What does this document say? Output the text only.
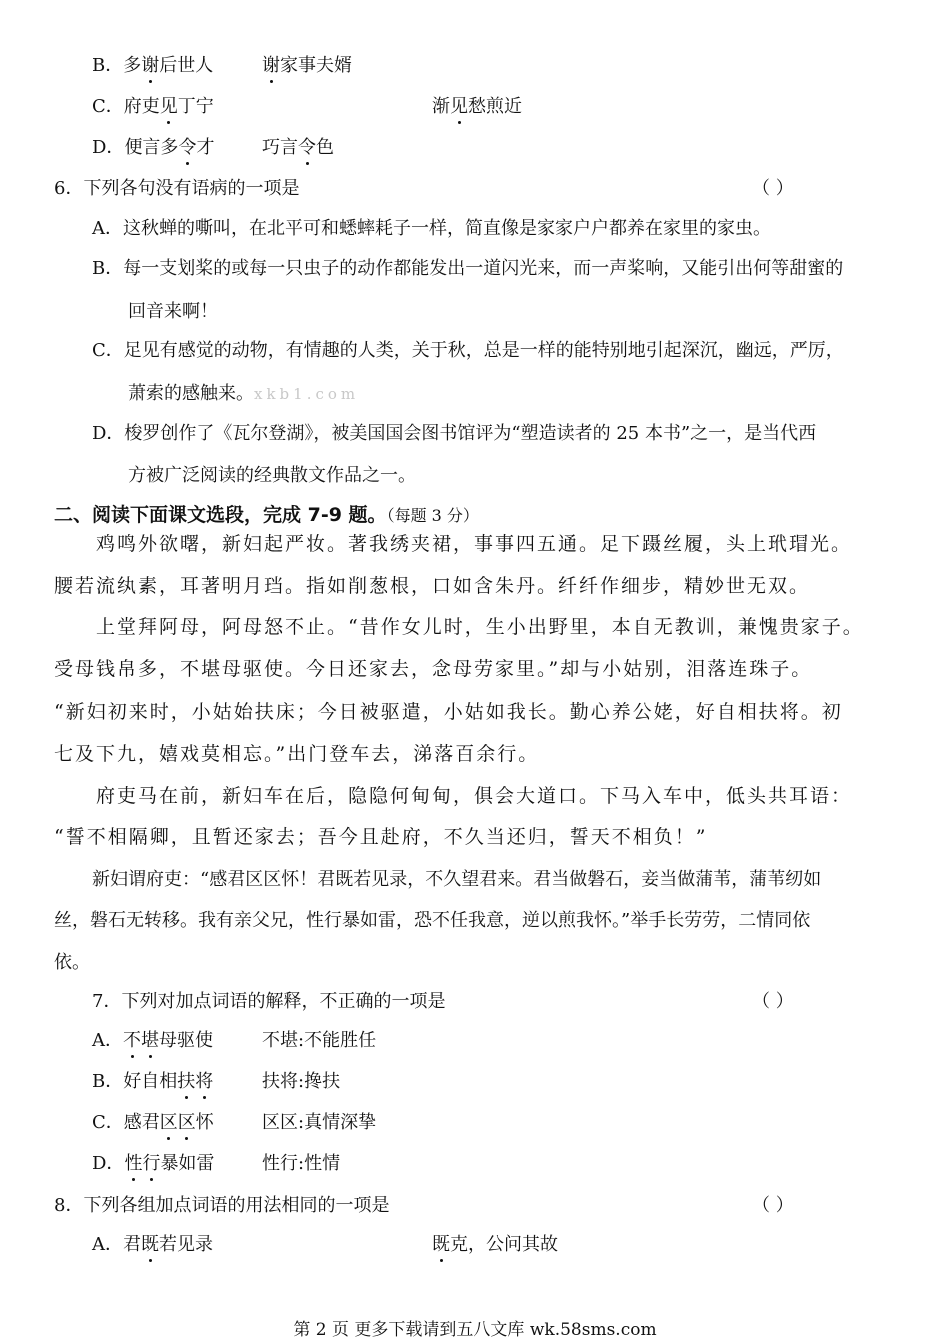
B．多谢后世人	谢家事夫婿
C．府吏见丁宁	渐见愁煎近
D．便言多令才	巧言令色
6．下列各句没有语病的一项是	（ ）
A．这秋蝉的嘶叫，在北平可和蟋蟀耗子一样，简直像是家家户户都养在家里的家虫。
B．每一支划桨的或每一只虫子的动作都能发出一道闪光来，而一声桨响，又能引出何等甜蜜的
回音来啊！
C．足见有感觉的动物，有情趣的人类，关于秋，总是一样的能特别地引起深沉，幽远，严厉，
萧索的感触来。xkb1.com
D．梭罗创作了《瓦尔登湖》，被美国国会图书馆评为“塑造读者的 25 本书”之一，是当代西
方被广泛阅读的经典散文作品之一。
二、阅读下面课文选段，完成 7-9 题。（每题 3 分）
鸡鸣外欲曙，新妇起严妆。著我绣夹裙，事事四五通。足下蹑丝履，头上玳瑁光。
腰若流纨素，耳著明月珰。指如削葱根，口如含朱丹。纤纤作细步，精妙世无双。
上堂拜阿母，阿母怒不止。“昔作女儿时，生小出野里，本自无教训，兼愧贵家子。
受母钱帛多，不堪母驱使。今日还家去，念母劳家里。”却与小姑别，泪落连珠子。
“新妇初来时，小姑始扶床；今日被驱遣，小姑如我长。勤心养公姥，好自相扶将。初
七及下九，嬉戏莫相忘。”出门登车去，涕落百余行。
府吏马在前，新妇车在后，隐隐何甸甸，俱会大道口。下马入车中，低头共耳语：
“誓不相隔卿，且暂还家去；吾今且赴府，不久当还归，誓天不相负！”
新妇谓府吏：“感君区区怀！君既若见录，不久望君来。君当做磐石，妾当做蒲苇，蒲苇纫如
丝，磐石无转移。我有亲父兄，性行暴如雷，恐不任我意，逆以煎我怀。”举手长劳劳，二情同依
依。
7．下列对加点词语的解释，不正确的一项是	（ ）
A．不堪母驱使	不堪:不能胜任
B．好自相扶将	扶将:搀扶
C．感君区区怀	区区:真情深挚
D．性行暴如雷	性行:性情
8．下列各组加点词语的用法相同的一项是	（ ）
A．君既若见录	既克，公问其故
第 2 页 更多下载请到五八文库 wk.58sms.com
